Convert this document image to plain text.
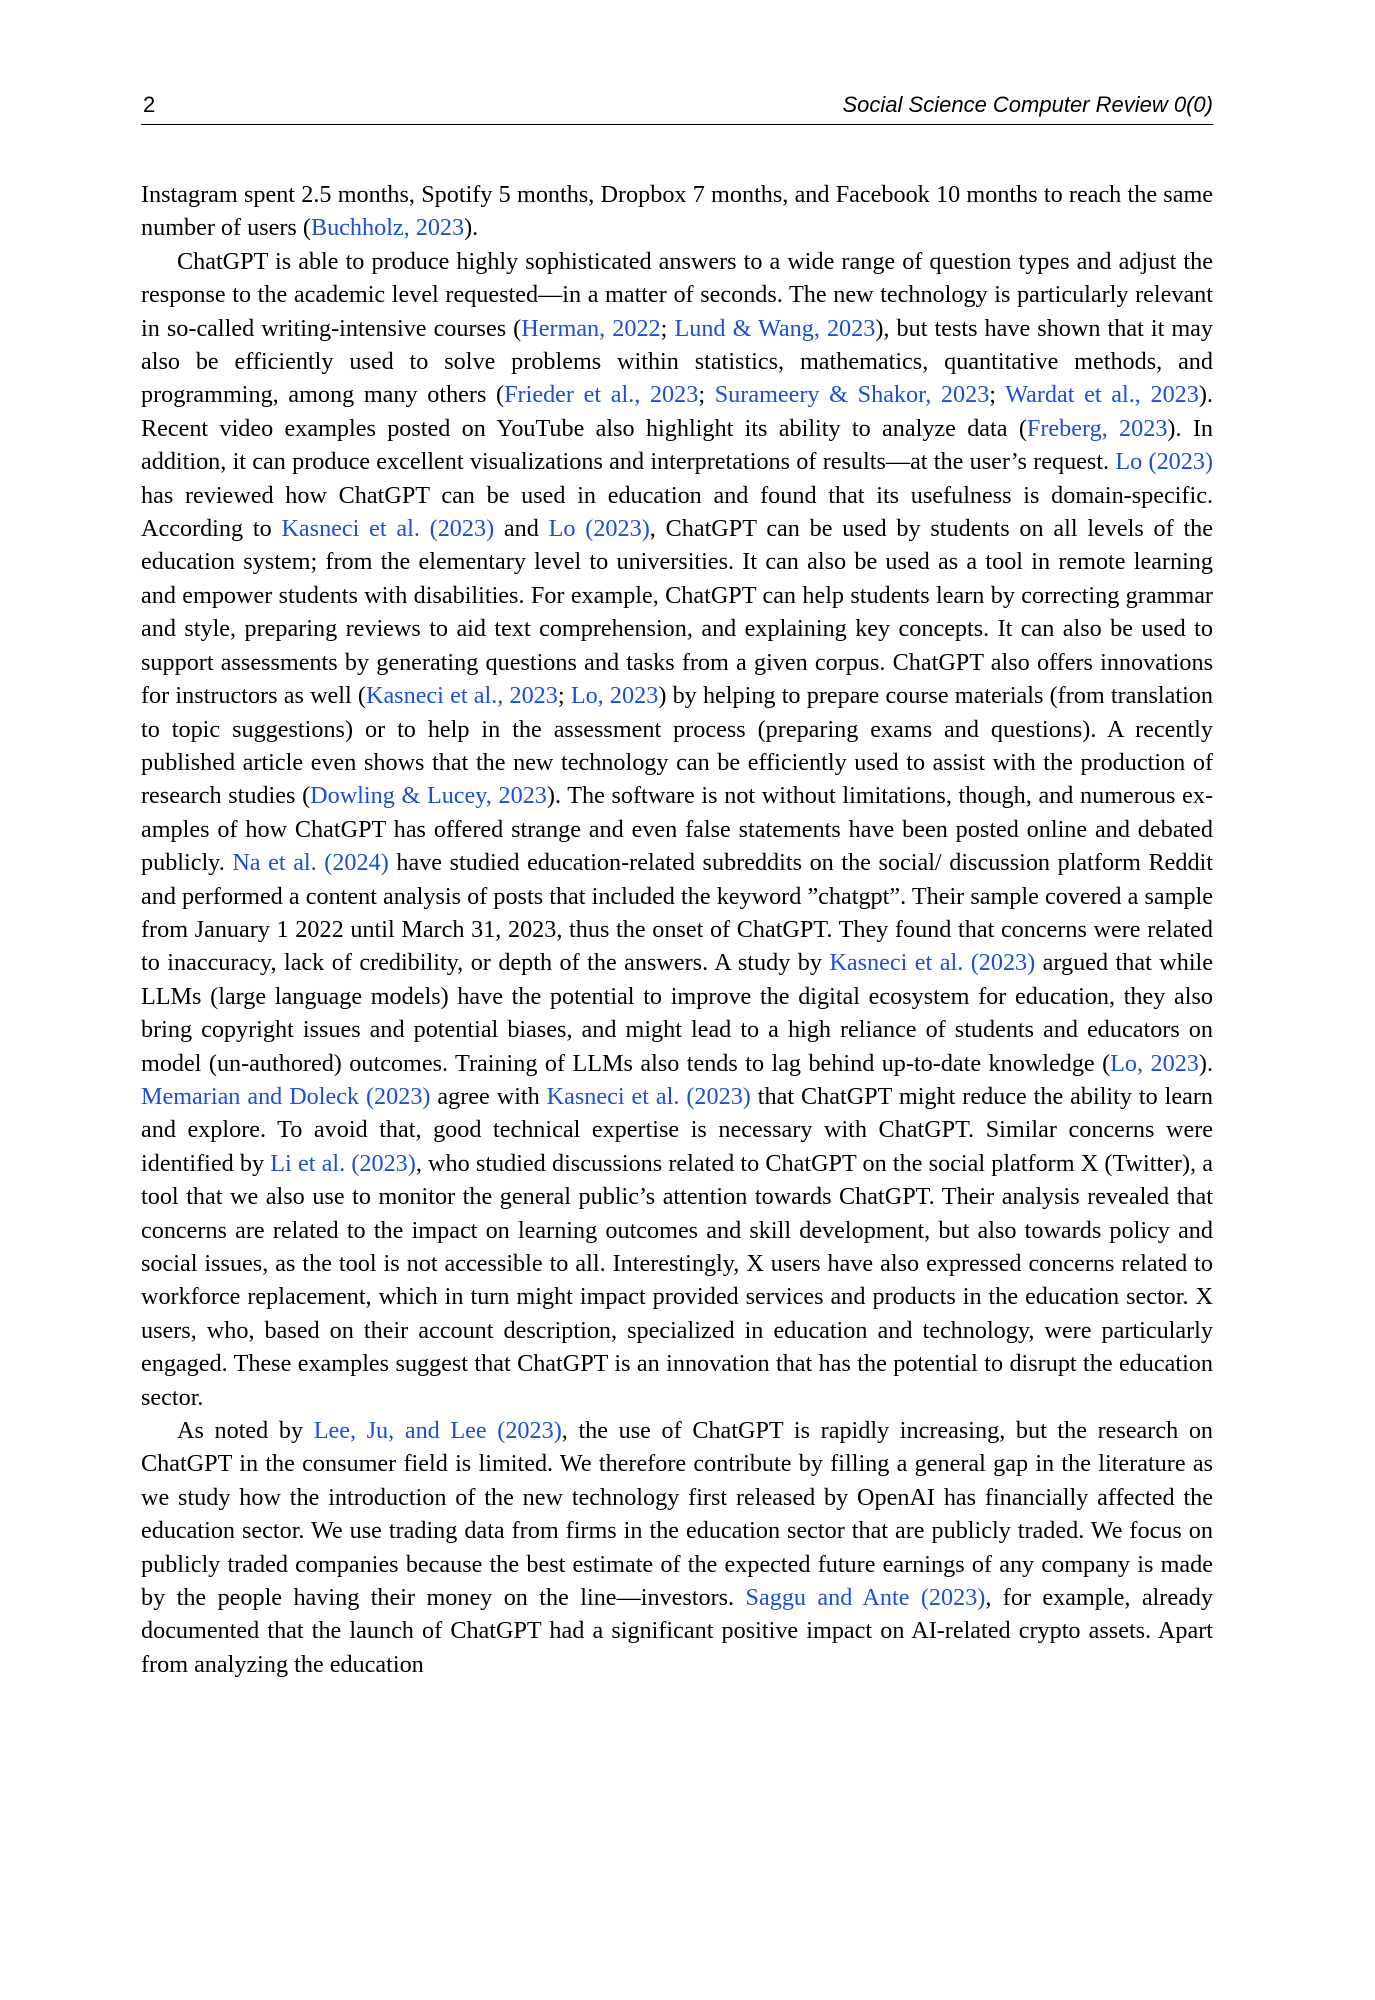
2	Social Science Computer Review 0(0)

Instagram spent 2.5 months, Spotify 5 months, Dropbox 7 months, and Facebook 10 months to reach the same number of users (Buchholz, 2023).

ChatGPT is able to produce highly sophisticated answers to a wide range of question types and adjust the response to the academic level requested—in a matter of seconds. The new technology is particularly relevant in so-called writing-intensive courses (Herman, 2022; Lund & Wang, 2023), but tests have shown that it may also be efficiently used to solve problems within statistics, mathematics, quantitative methods, and programming, among many others (Frieder et al., 2023; Surameery & Shakor, 2023; Wardat et al., 2023). Recent video examples posted on YouTube also highlight its ability to analyze data (Freberg, 2023). In addition, it can produce excellent visualizations and interpretations of results—at the user’s request. Lo (2023) has reviewed how ChatGPT can be used in education and found that its usefulness is domain-specific. According to Kasneci et al. (2023) and Lo (2023), ChatGPT can be used by students on all levels of the education system; from the elementary level to universities. It can also be used as a tool in remote learning and empower students with disabilities. For example, ChatGPT can help students learn by correcting grammar and style, preparing reviews to aid text comprehension, and explaining key concepts. It can also be used to support assessments by generating questions and tasks from a given corpus. ChatGPT also offers innovations for instructors as well (Kasneci et al., 2023; Lo, 2023) by helping to prepare course materials (from translation to topic suggestions) or to help in the assessment process (preparing exams and questions). A recently published article even shows that the new technology can be efficiently used to assist with the production of research studies (Dowling & Lucey, 2023). The software is not without limitations, though, and numerous examples of how ChatGPT has offered strange and even false statements have been posted online and debated publicly. Na et al. (2024) have studied education-related subreddits on the social/ discussion platform Reddit and performed a content analysis of posts that included the keyword ”chatgpt”. Their sample covered a sample from January 1 2022 until March 31, 2023, thus the onset of ChatGPT. They found that concerns were related to inaccuracy, lack of credibility, or depth of the answers. A study by Kasneci et al. (2023) argued that while LLMs (large language models) have the potential to improve the digital ecosystem for education, they also bring copyright issues and potential biases, and might lead to a high reliance of students and educators on model (un-authored) outcomes. Training of LLMs also tends to lag behind up-to-date knowledge (Lo, 2023). Memarian and Doleck (2023) agree with Kasneci et al. (2023) that ChatGPT might reduce the ability to learn and explore. To avoid that, good technical expertise is necessary with ChatGPT. Similar concerns were identified by Li et al. (2023), who studied discussions related to ChatGPT on the social platform X (Twitter), a tool that we also use to monitor the general public’s attention towards ChatGPT. Their analysis revealed that concerns are related to the impact on learning outcomes and skill development, but also towards policy and social issues, as the tool is not accessible to all. Interestingly, X users have also expressed concerns related to workforce replacement, which in turn might impact provided services and products in the education sector. X users, who, based on their account description, specialized in education and technology, were particularly engaged. These examples suggest that ChatGPT is an innovation that has the potential to disrupt the education sector.

As noted by Lee, Ju, and Lee (2023), the use of ChatGPT is rapidly increasing, but the research on ChatGPT in the consumer field is limited. We therefore contribute by filling a general gap in the literature as we study how the introduction of the new technology first released by OpenAI has financially affected the education sector. We use trading data from firms in the education sector that are publicly traded. We focus on publicly traded companies because the best estimate of the expected future earnings of any company is made by the people having their money on the line—investors. Saggu and Ante (2023), for example, already documented that the launch of ChatGPT had a significant positive impact on AI-related crypto assets. Apart from analyzing the education
